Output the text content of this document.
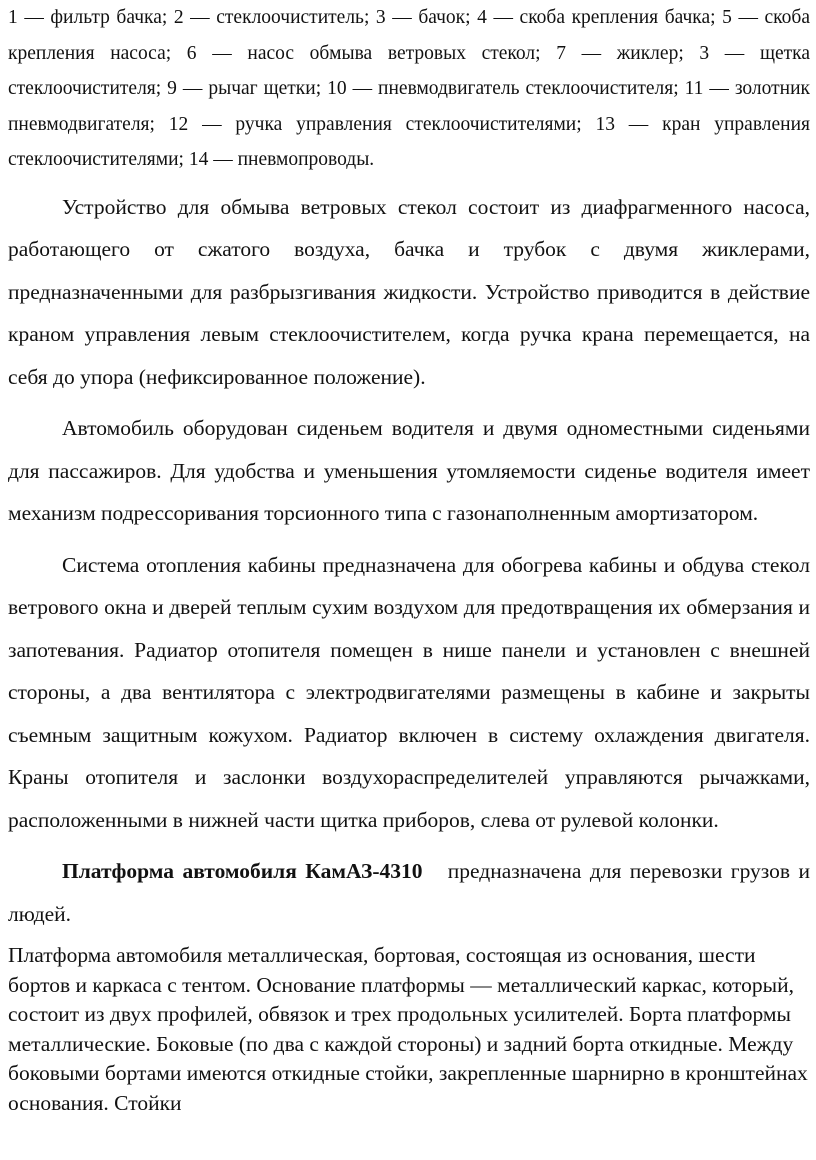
1 — фильтр бачка; 2 — стеклоочиститель; 3 — бачок; 4 — скоба крепления бачка; 5 — скоба крепления насоса; 6 — насос обмыва ветровых стекол; 7 — жиклер; 3 — щетка стеклоочистителя; 9 — рычаг щетки; 10 — пневмодвигатель стеклоочистителя; 11 — золотник пневмодвигателя; 12 — ручка управления стеклоочистителями; 13 — кран управления стеклоочистителями; 14 — пневмопроводы.

Устройство для обмыва ветровых стекол состоит из диафрагменного насоса, работающего от сжатого воздуха, бачка и трубок с двумя жиклерами, предназначенными для разбрызгивания жидкости. Устройство приводится в действие краном управления левым стеклоочистителем, когда ручка крана перемещается, на себя до упора (нефиксированное положение).

Автомобиль оборудован сиденьем водителя и двумя одноместными сиденьями для пассажиров. Для удобства и уменьшения утомляемости сиденье водителя имеет механизм подрессоривания торсионного типа с газонаполненным амортизатором.

Система отопления кабины предназначена для обогрева кабины и обдува стекол ветрового окна и дверей теплым сухим воздухом для предотвращения их обмерзания и запотевания. Радиатор отопителя помещен в нише панели и установлен с внешней стороны, а два вентилятора с электродвигателями размещены в кабине и закрыты съемным защитным кожухом. Радиатор включен в систему охлаждения двигателя. Краны отопителя и заслонки воздухораспределителей управляются рычажками, расположенными в нижней части щитка приборов, слева от рулевой колонки.

Платформа автомобиля КамАЗ-4310 предназначена для перевозки грузов и людей.

Платформа автомобиля металлическая, бортовая, состоящая из основания, шести бортов и каркаса с тентом. Основание платформы — металлический каркас, который, состоит из двух профилей, обвязок и трех продольных усилителей. Борта платформы металлические. Боковые (по два с каждой стороны) и задний борта откидные. Между боковыми бортами имеются откидные стойки, закрепленные шарнирно в кронштейнах основания. Стойки
